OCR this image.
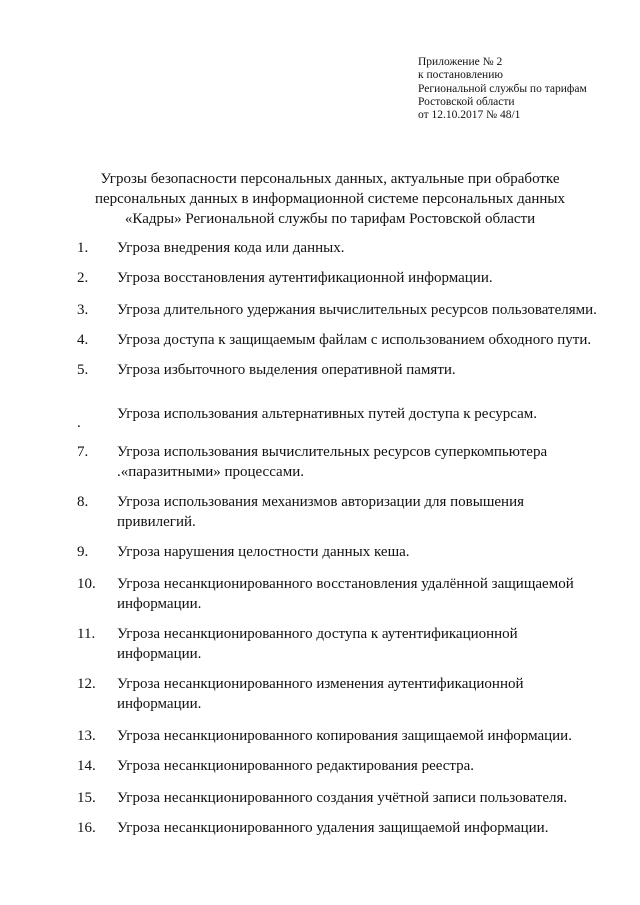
Приложение № 2
к постановлению
Региональной службы по тарифам
Ростовской области
от 12.10.2017 № 48/1
Угрозы безопасности персональных данных, актуальные при обработке
персональных данных в информационной системе персональных данных
«Кадры» Региональной службы по тарифам Ростовской области
1. Угроза внедрения кода или данных.
2. Угроза восстановления аутентификационной информации.
3. Угроза длительного удержания вычислительных ресурсов пользователями.
4. Угроза доступа к защищаемым файлам с использованием обходного пути.
5. Угроза избыточного выделения оперативной памяти.
.
Угроза использования альтернативных путей доступа к ресурсам.
7. Угроза использования вычислительных ресурсов суперкомпьютера
.«паразитными» процессами.
8. Угроза использования механизмов авторизации для повышения
привилегий.
9. Угроза нарушения целостности данных кеша.
10. Угроза несанкционированного восстановления удалённой защищаемой
информации.
11. Угроза несанкционированного доступа к аутентификационной
информации.
12. Угроза несанкционированного изменения аутентификационной
информации.
13. Угроза несанкционированного копирования защищаемой информации.
14. Угроза несанкционированного редактирования реестра.
15. Угроза несанкционированного создания учётной записи пользователя.
16. Угроза несанкционированного удаления защищаемой информации.
